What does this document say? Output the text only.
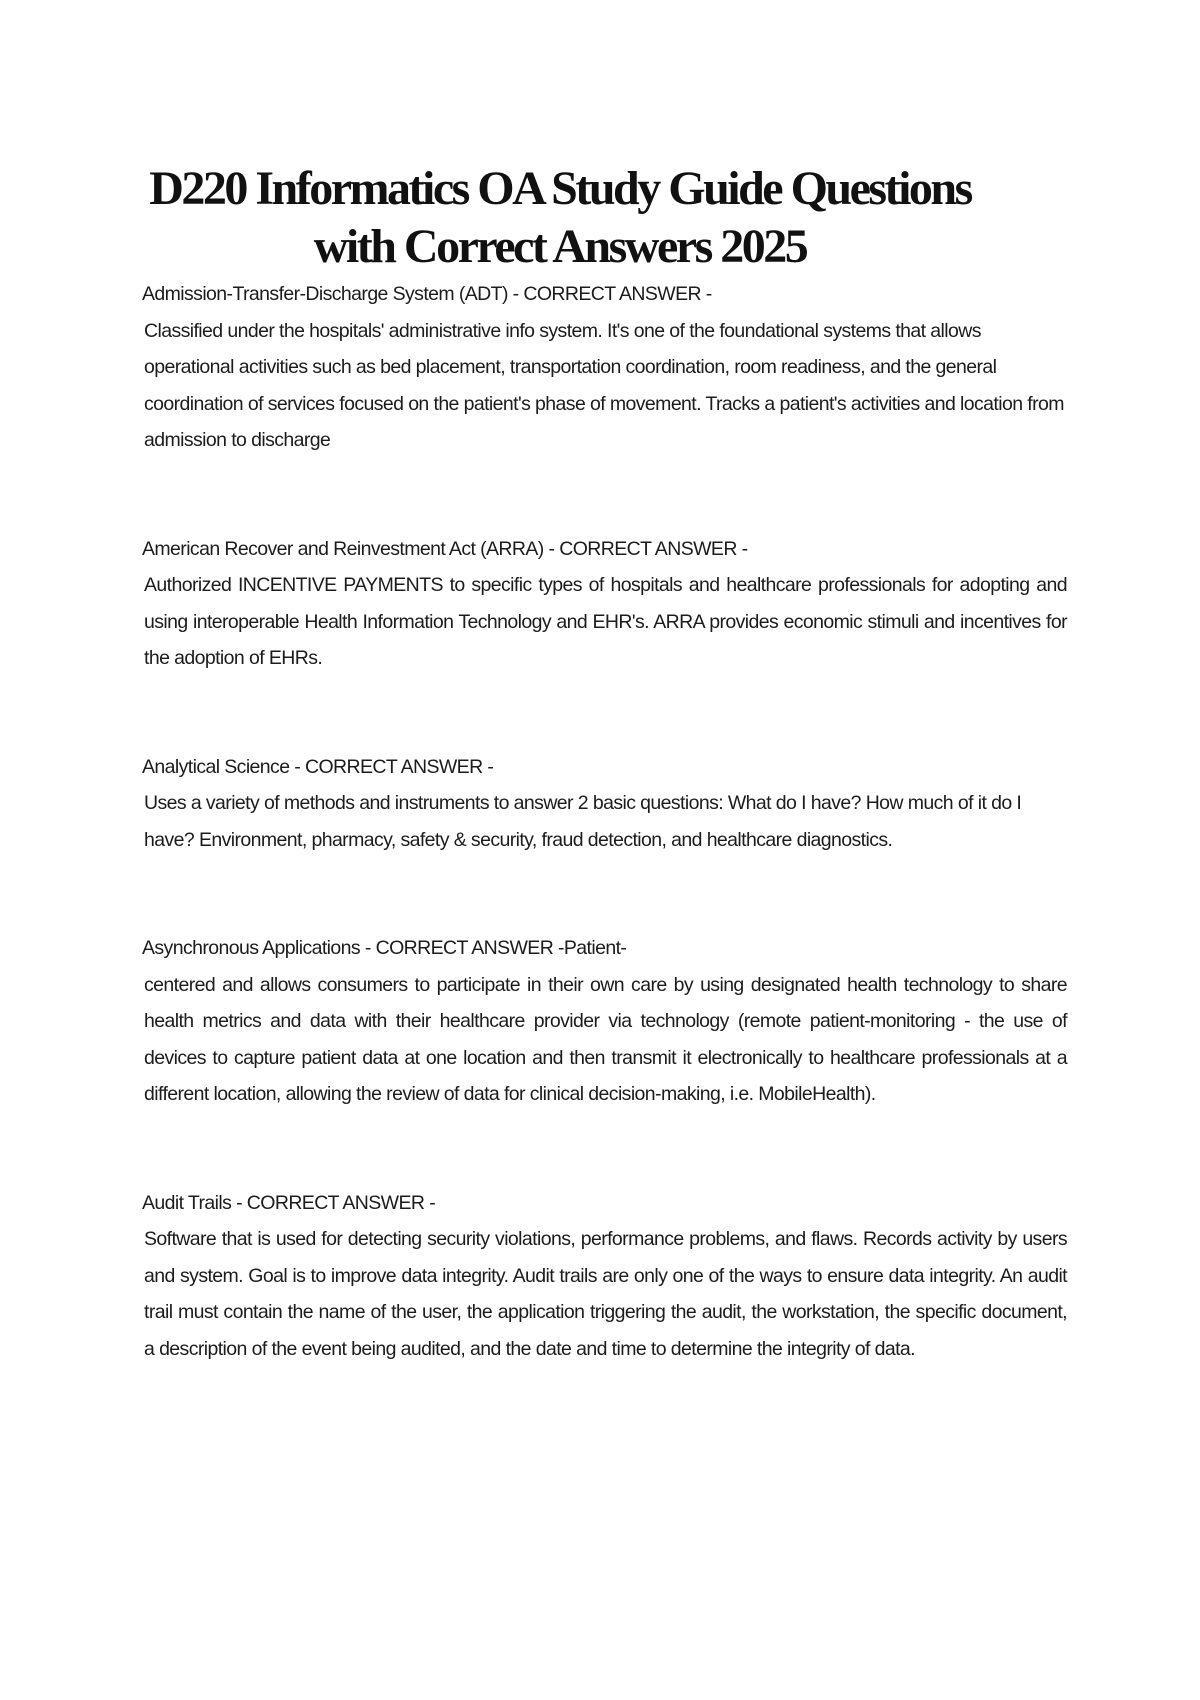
D220 Informatics OA Study Guide Questions
with Correct Answers 2025
Admission-Transfer-Discharge System (ADT) - CORRECT ANSWER -
Classified under the hospitals' administrative info system. It's one of the foundational systems that allows operational activities such as bed placement, transportation coordination, room readiness, and the general coordination of services focused on the patient's phase of movement. Tracks a patient's activities and location from admission to discharge
American Recover and Reinvestment Act (ARRA) - CORRECT ANSWER -
Authorized INCENTIVE PAYMENTS to specific types of hospitals and healthcare professionals for adopting and using interoperable Health Information Technology and EHR's. ARRA provides economic stimuli and incentives for the adoption of EHRs.
Analytical Science - CORRECT ANSWER -
Uses a variety of methods and instruments to answer 2 basic questions: What do I have? How much of it do I have? Environment, pharmacy, safety & security, fraud detection, and healthcare diagnostics.
Asynchronous Applications - CORRECT ANSWER -Patient-
centered and allows consumers to participate in their own care by using designated health technology to share health metrics and data with their healthcare provider via technology (remote patient-monitoring - the use of devices to capture patient data at one location and then transmit it electronically to healthcare professionals at a different location, allowing the review of data for clinical decision-making, i.e. MobileHealth).
Audit Trails - CORRECT ANSWER -
Software that is used for detecting security violations, performance problems, and flaws. Records activity by users and system. Goal is to improve data integrity. Audit trails are only one of the ways to ensure data integrity. An audit trail must contain the name of the user, the application triggering the audit, the workstation, the specific document, a description of the event being audited, and the date and time to determine the integrity of data.
